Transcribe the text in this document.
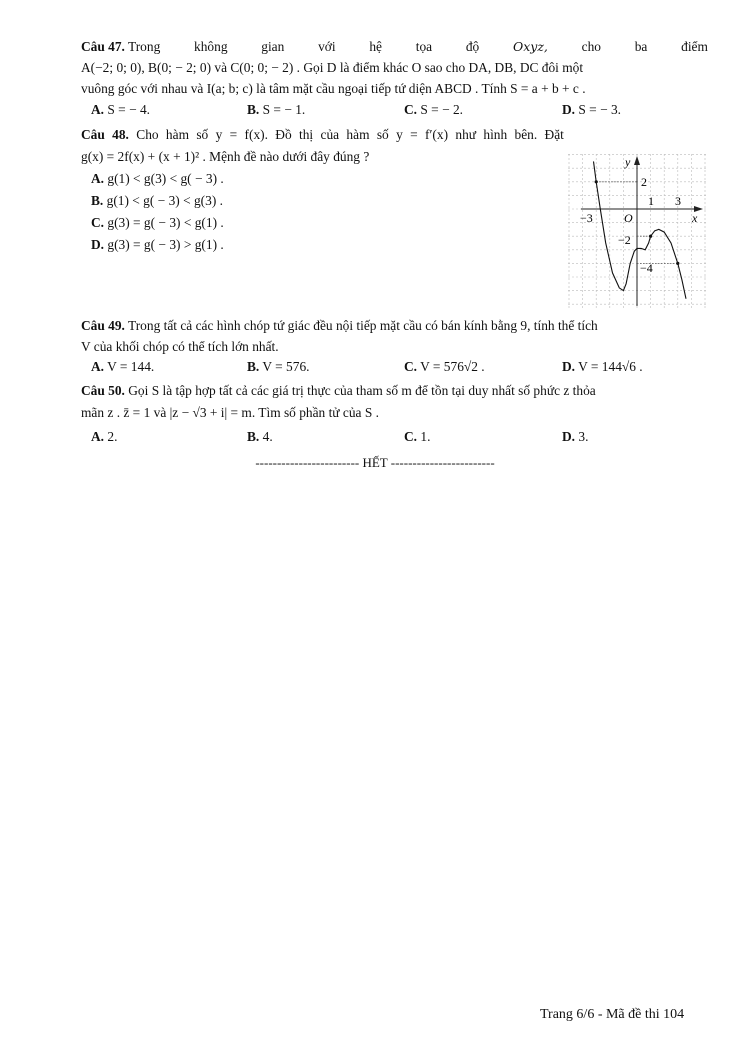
Câu 47. Trong	không	gian	với	hệ	tọa	độ	Oxyz,	cho	ba	điểm
A(−2; 0; 0), B(0; − 2; 0) và C(0; 0; − 2) . Gọi D là điểm khác O sao cho DA, DB, DC đôi một
vuông góc với nhau và I(a; b; c) là tâm mặt cầu ngoại tiếp tứ diện ABCD . Tính S = a + b + c .
A. S = − 4.	B. S = − 1.	C. S = − 2.	D. S = − 3.
Câu 48. Cho hàm số y = f(x). Đồ thị của hàm số y = f′(x) như hình bên. Đặt
g(x) = 2f(x) + (x + 1)² . Mệnh đề nào dưới đây đúng ?
A. g(1) < g(3) < g( − 3) .
B. g(1) < g( − 3) < g(3) .
C. g(3) = g( − 3) < g(1) .
D. g(3) = g( − 3) > g(1) .
y
x
O
−3
1 3
2
−2
−4
Câu 49. Trong tất cả các hình chóp tứ giác đều nội tiếp mặt cầu có bán kính bằng 9, tính thể tích
V của khối chóp có thể tích lớn nhất.
A. V = 144.	B. V = 576.	C. V = 576√2 .	D. V = 144√6 .
Câu 50. Gọi S là tập hợp tất cả các giá trị thực của tham số m để tồn tại duy nhất số phức z thỏa
mãn z . z̄ = 1 và |z − √3 + i| = m. Tìm số phần tử của S .
A. 2.	B. 4.	C. 1.	D. 3.
------------------------ HẾT ------------------------
Trang 6/6 - Mã đề thi 104
